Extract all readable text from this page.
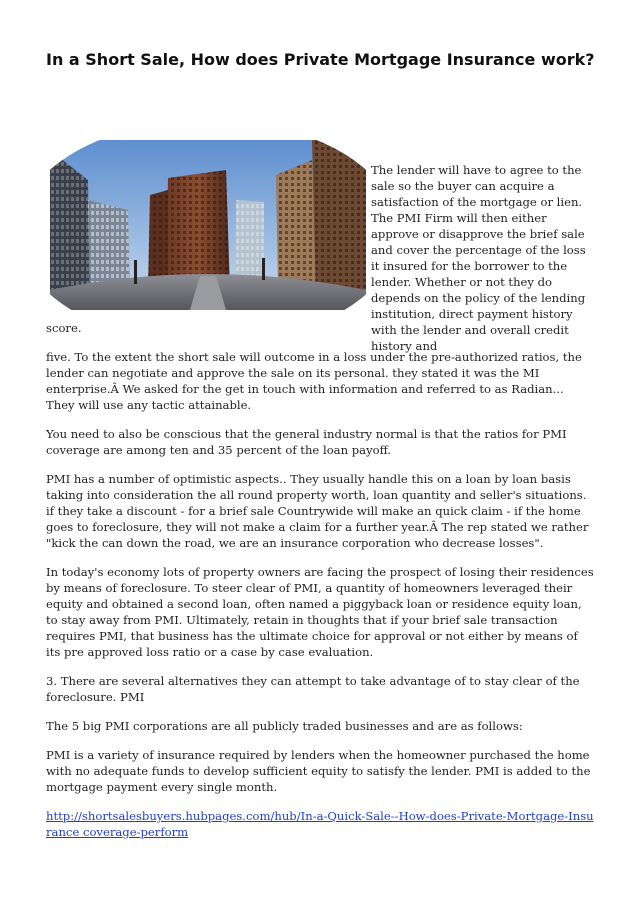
In a Short Sale, How does Private Mortgage Insurance work?

The lender will have to agree to the sale so the buyer can acquire a satisfaction of the mortgage or lien. The PMI Firm will then either approve or disapprove the brief sale and cover the percentage of the loss it insured for the borrower to the lender. Whether or not they do depends on the policy of the lending institution, direct payment history with the lender and overall credit history and

score.

five. To the extent the short sale will outcome in a loss under the pre-authorized ratios, the lender can negotiate and approve the sale on its personal. they stated it was the MI enterprise.Â We asked for the get in touch with information and referred to as Radian... They will use any tactic attainable.

You need to also be conscious that the general industry normal is that the ratios for PMI coverage are among ten and 35 percent of the loan payoff.

PMI has a number of optimistic aspects.. They usually handle this on a loan by loan basis taking into consideration the all round property worth, loan quantity and seller's situations. if they take a discount - for a brief sale Countrywide will make an quick claim - if the home goes to foreclosure, they will not make a claim for a further year.Â The rep stated we rather "kick the can down the road, we are an insurance corporation who decrease losses".

In today's economy lots of property owners are facing the prospect of losing their residences by means of foreclosure. To steer clear of PMI, a quantity of homeowners leveraged their equity and obtained a second loan, often named a piggyback loan or residence equity loan, to stay away from PMI. Ultimately, retain in thoughts that if your brief sale transaction requires PMI, that business has the ultimate choice for approval or not either by means of its pre approved loss ratio or a case by case evaluation.

3. There are several alternatives they can attempt to take advantage of to stay clear of the foreclosure. PMI

The 5 big PMI corporations are all publicly traded businesses and are as follows:

PMI is a variety of insurance required by lenders when the homeowner purchased the home with no adequate funds to develop sufficient equity to satisfy the lender. PMI is added to the mortgage payment every single month.

http://shortsalesbuyers.hubpages.com/hub/In-a-Quick-Sale--How-does-Private-Mortgage-Insurance coverage-perform
